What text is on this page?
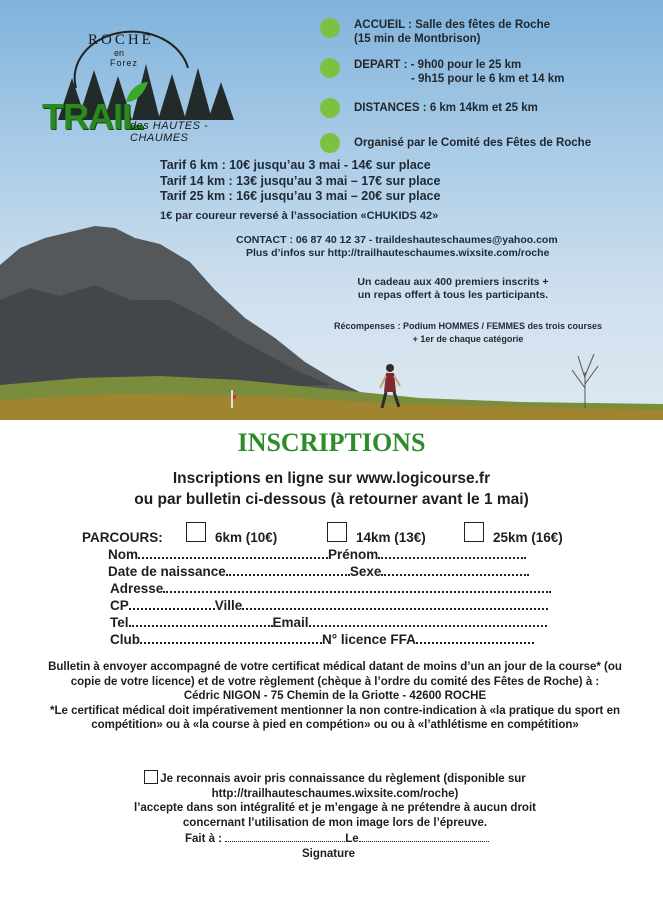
ROCHE
en
Forez
TRAIL
des HAUTES - CHAUMES
ACCUEIL : Salle des fêtes de Roche
(15 min de Montbrison)
DEPART : - 9h00 pour le 25 km
- 9h15 pour le 6 km et 14 km
DISTANCES : 6 km 14km et 25 km
Organisé par le Comité des Fêtes de Roche
Tarif 6 km : 10€ jusqu’au 3 mai - 14€ sur place
Tarif 14 km : 13€ jusqu’au 3 mai – 17€ sur place
Tarif 25 km : 16€ jusqu’au 3 mai – 20€ sur place
1€ par coureur reversé à l’association «CHUKIDS 42»
CONTACT : 06 87 40 12 37 - traildeshauteschaumes@yahoo.com
Plus d’infos sur http://trailhauteschaumes.wixsite.com/roche
Un cadeau aux 400 premiers inscrits +
un repas offert à tous les participants.
Récompenses : Podium HOMMES / FEMMES des trois courses
+ 1er de chaque catégorie
INSCRIPTIONS
Inscriptions en ligne sur www.logicourse.fr
ou par bulletin ci-dessous (à retourner avant le 1 mai)
PARCOURS:	6km (10€)	14km (13€)	25km (16€)
Nom	Prénom
Date de naissance	Sexe
Adresse
CP	Ville
Tel	Email
Club	N° licence FFA
Bulletin à envoyer accompagné de votre certificat médical datant de moins d’un an jour de la course* (ou copie de votre licence) et de votre règlement (chèque à l’ordre du comité des Fêtes de Roche) à :
Cédric NIGON - 75 Chemin de la Griotte - 42600 ROCHE
*Le certificat médical doit impérativement mentionner la non contre-indication à «la pratique du sport en compétition» ou à «la course à pied en compétion» ou ou à «l’athlétisme en compétition»
Je reconnais avoir pris connaissance du règlement (disponible sur
http://trailhauteschaumes.wixsite.com/roche)
l’accepte dans son intégralité et je m’engage à ne prétendre à aucun droit
concernant l’utilisation de mon image lors de l’épreuve.
Fait à :	Le
Signature
